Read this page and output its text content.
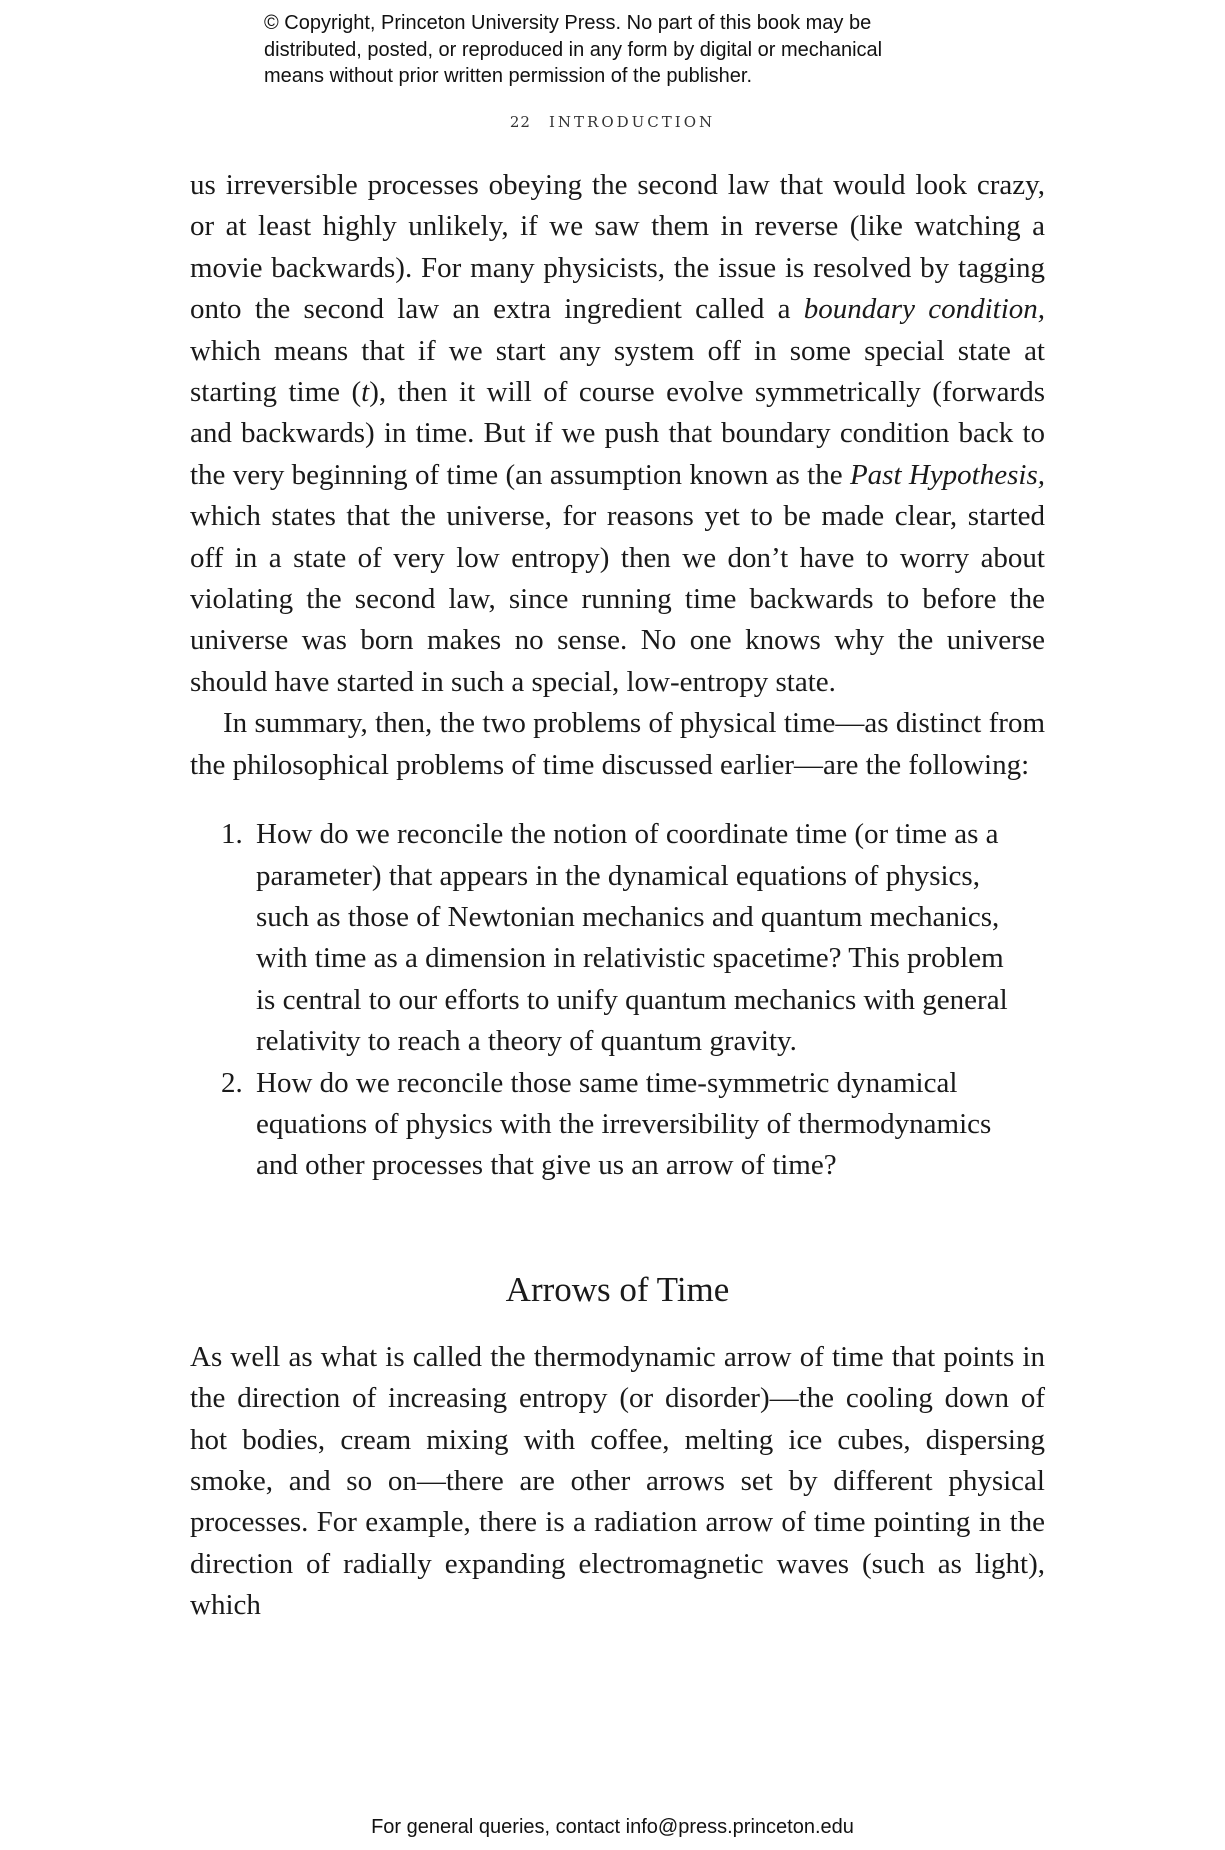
© Copyright, Princeton University Press. No part of this book may be
distributed, posted, or reproduced in any form by digital or mechanical
means without prior written permission of the publisher.
22 INTRODUCTION

us irreversible processes obeying the second law that would look crazy, or at least highly unlikely, if we saw them in reverse (like watching a movie backwards). For many physicists, the issue is resolved by tagging onto the second law an extra ingredient called a boundary condition, which means that if we start any system off in some special state at starting time (t), then it will of course evolve symmetrically (forwards and backwards) in time. But if we push that boundary condition back to the very beginning of time (an assumption known as the Past Hypothesis, which states that the universe, for reasons yet to be made clear, started off in a state of very low entropy) then we don’t have to worry about violating the second law, since running time backwards to before the universe was born makes no sense. No one knows why the universe should have started in such a special, low-entropy state.

In summary, then, the two problems of physical time—as distinct from the philosophical problems of time discussed earlier—are the following:

1. How do we reconcile the notion of coordinate time (or time as a parameter) that appears in the dynamical equations of physics, such as those of Newtonian mechanics and quantum mechanics, with time as a dimension in relativistic spacetime? This problem is central to our efforts to unify quantum mechanics with general relativity to reach a theory of quantum gravity.
2. How do we reconcile those same time-symmetric dynamical equations of physics with the irreversibility of thermodynamics and other processes that give us an arrow of time?
Arrows of Time

As well as what is called the thermodynamic arrow of time that points in the direction of increasing entropy (or disorder)—the cooling down of hot bodies, cream mixing with coffee, melting ice cubes, dispersing smoke, and so on—there are other arrows set by different physical processes. For example, there is a radiation arrow of time pointing in the direction of radially expanding electromagnetic waves (such as light), which

For general queries, contact info@press.princeton.edu
